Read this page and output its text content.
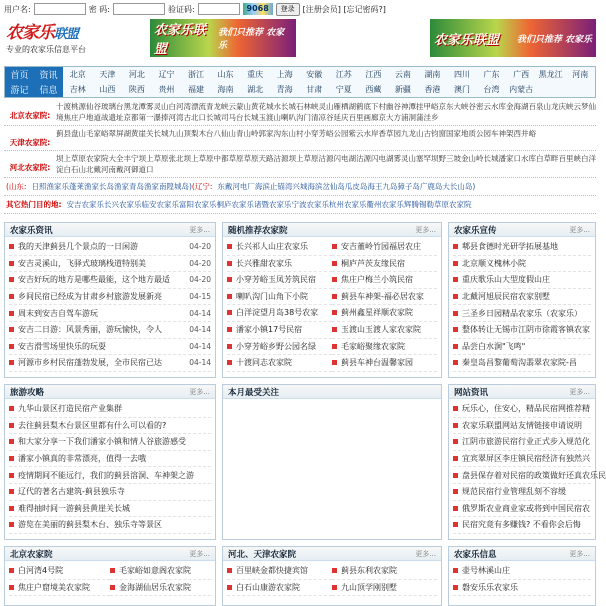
用户名:	密 码:	验证码:	9068	登录	[注册会员] [忘记密码?]
农家乐联盟
专业的农家乐信息平台
农家乐联盟
我们只推荐 农家乐	农家乐联盟 我们只推荐 农家乐
首页 资讯
游记 信息
北京 天津 河北 辽宁 浙江 山东 重庆 上海 安徽 江苏 江西 云南 湖南 四川 广东 广西 黑龙江 河南
吉林 山西 陕西 贵州 福建 海南 湖北 青海 甘肃 宁夏 西藏 新疆 香港 澳门 台湾 内蒙古
北京农家院:
十渡桃源仙谷玻璃台黑龙潭雾灵山白河湾漂流青龙峡云蒙山黄花城水长城石林峡灵山雁栖湖鹤底下村幽谷神潭挂甲峪京东大峡谷密云水库金海湖百泉山龙庆峡云梦仙境焦庄户地道战遗址京都第一瀑捧河湾古北口长城司马台长城玉渡山喇叭沟门清凉谷延庆百里画廊京大方浦洞蒲洼乡
天津农家院:
蓟县盘山毛家峪翠屏湖黄崖关长城九山顶梨木台八仙山青山岭郭家沟东山村小穿芳峪公园紫云水岸香草园九龙山古钧窗国家地质公园车神架西井峪
河北农家院:
坝上草原农家院大全丰宁坝上草原张北坝上草原中都草原草原天路沽源坝上草原沽源闪电湖沽源闪电湖雾灵山塞罕坝野三坡金山岭长城潘家口水库白草畔百里峡白洋淀白石山北戴河南戴河御道口
(山东: 日照渔家乐蓬莱渔家长岛渔家青岛渔家南隍城岛)(辽宁: 东戴河电厂海滨止锚湾兴城海滨岔仙岛瓜皮岛海王九岛獐子岛广鹿岛大长山岛)
其它热门目的地: 安吉农家乐长兴农家乐临安农家乐富阳农家乐桐庐农家乐诸暨农家乐宁波农家乐杭州农家乐衢州农家乐辉腾锡勒草原农家院
农家乐资讯	更多...
我的天津蓟县几个景点的一日闲游	04-20
安吉灵溪山，飞驿式玻璃栈道特别美	04-20
安吉好玩的地方是哪些最能，这个地方最适	04-20
乡间民宿已经成为甘肃乡村旅游发展新亮	04-15
周末到安吉自驾车游玩	04-14
安吉二日游：风景秀丽，游玩愉快，令人	04-14
安吉滑雪场里快乐的玩耍	04-14
河源市乡村民宿蓬勃发展，全市民宿已达	04-14
随机推荐农家院	更多...
长兴祁人山庄农家乐	安吉董岭竹园福居农庄
长兴雅甜农家乐	桐庐芦茨友缘民宿
小穿芳峪玉凤芳筑民宿	焦庄户梅兰小筑民宿
喇叭沟门山角下小院	蓟县车神架-福必居农家
白洋淀望月岛38号农家	蓟州鑫星祥顺农家院
潘家小镇17号民宿	玉渡山玉渡人家农家院
小穿芳峪乡野公园名绿	毛家峪聚缘农家院
十渡同志农家院	蓟县车神台温馨家园
农家乐宣传	更多...
郫县食德时光研学拓展基地
北京顺义槐林小院
重庆歌乐山大型度假山庄
北戴河旭辰民宿农家别墅
三圣乡日园精品农家乐（农家乐）
整体转让无锡市江阴市徐霞客镇农家
品尝白水涧"飞鸣"
秦皇岛昌黎葡萄沟翡翠农家院-昌
旅游攻略	更多...
九华山景区打造民宿产业集群
去往蓟县梨木台景区里都有什么可以看的?
和大家分享一下我们潘家小镇和情人谷旅游感受
潘家小镇真的非常漂亮，值得一去哦
疫情期间不能远行，我们的蓟县溶洞、车神架之游
辽代的著名古建筑-蓟县独乐寺
难得抽时间一游蓟县黄崖关长城
游览在美丽的蓟县梨木台、独乐寺等景区
本月最受关注	网站资讯	更多...
玩乐心，住安心，精品民宿网推荐精
农家乐联盟网站友情链接申请说明
江阴市旅游民宿行业正式步入规范化
宜宾翠屏区李庄镇民宿经济有独然兴
盘县保存着对民宿的政策做好还真农乐民
规范民宿行业管理乱刻不容缓
俄罗斯农业商业家或将到中国民宿农
民宿究竟有多赚钱? 不看你会后悔
北京农家院	更多...
白河湾4号院	毛家峪如意阁农家院
焦庄户窟境美农家院	金海湖仙居乐农家院
河北、天津农家院	更多...
百里峡金都快捷宾馆	蓟县东利农家院
白石山康游农家院	九山顶学刚别墅
农家乐信息	更多...
壶号林溪山庄
磐安乐乐农家乐
